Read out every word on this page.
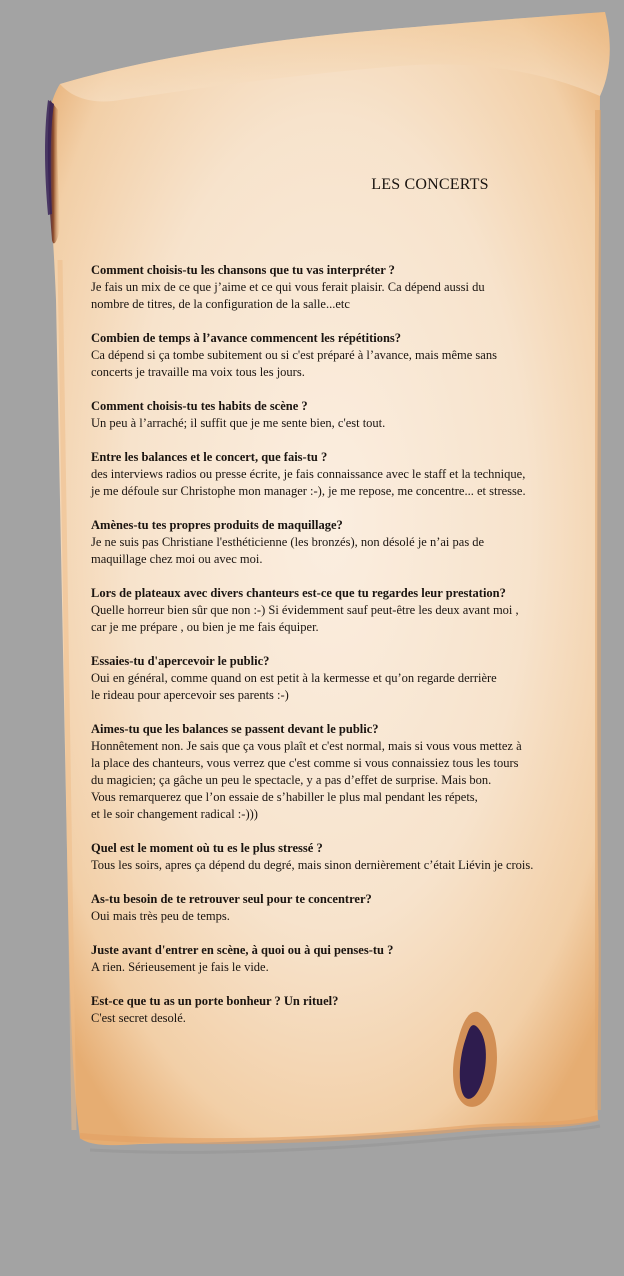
LES CONCERTS
Comment choisis-tu les chansons que tu vas interpréter ?
Je fais un mix de ce que j’aime et ce qui vous ferait plaisir. Ca dépend aussi du
nombre de titres, de la configuration de la salle...etc
Combien de temps à l’avance commencent les répétitions?
Ca dépend si ça tombe subitement ou si c'est préparé à l’avance, mais même sans
concerts je travaille ma voix tous les jours.
Comment choisis-tu tes habits de scène ?
Un peu à l’arraché; il suffit que je me sente bien, c'est tout.
Entre les balances et le concert, que fais-tu ?
des interviews radios ou presse écrite, je fais connaissance avec le staff et la technique,
je me défoule sur Christophe mon manager :-), je me repose, me concentre... et stresse.
Amènes-tu tes propres produits de maquillage?
Je ne suis pas Christiane l'esthéticienne (les bronzés), non désolé je n’ai pas de
maquillage chez moi ou avec moi.
Lors de plateaux avec divers chanteurs est-ce que tu regardes leur prestation?
Quelle horreur bien sûr que non :-) Si évidemment sauf peut-être les deux avant moi ,
car je me prépare , ou bien je me fais équiper.
Essaies-tu d'apercevoir le public?
Oui en général, comme quand on est petit à la kermesse et qu’on regarde derrière
le rideau pour apercevoir ses parents :-)
Aimes-tu que les balances se passent devant le public?
Honnêtement non. Je sais que ça vous plaît et c'est normal, mais si vous vous mettez à
la place des chanteurs, vous verrez que c'est comme si vous connaissiez tous les tours
du magicien; ça gâche un peu le spectacle, y a pas d’effet de surprise. Mais bon.
Vous remarquerez que l’on essaie de s’habiller le plus mal pendant les répets,
et le soir changement radical :-)))
Quel est le moment où tu es le plus stressé ?
Tous les soirs, apres ça dépend du degré, mais sinon dernièrement c’était Liévin je crois.
As-tu besoin de te retrouver seul pour te concentrer?
Oui mais très peu de temps.
Juste avant d'entrer en scène, à quoi ou à qui penses-tu ?
A rien. Sérieusement je fais le vide.
Est-ce que tu as un porte bonheur ? Un rituel?
C'est secret desolé.
